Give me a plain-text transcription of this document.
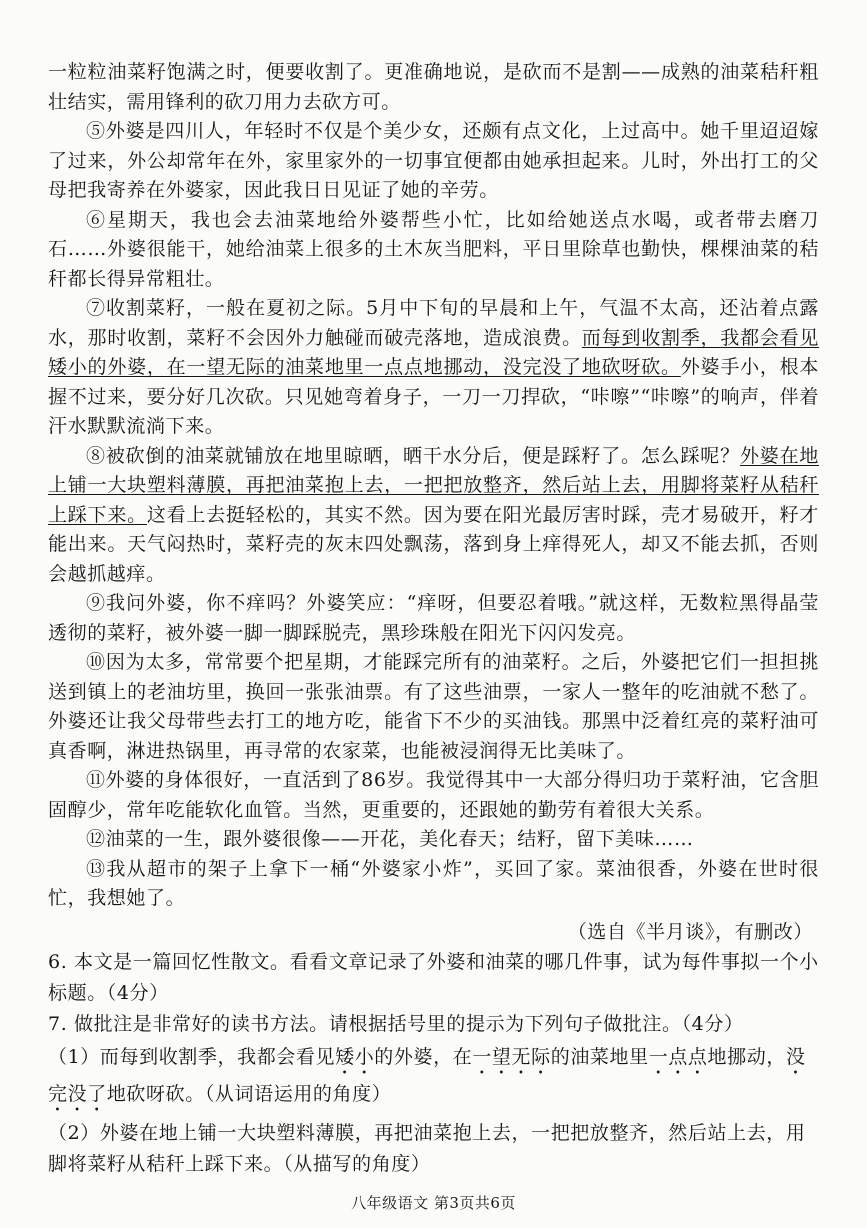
一粒粒油菜籽饱满之时，便要收割了。更准确地说，是砍而不是割——成熟的油菜秸秆粗壮结实，需用锋利的砍刀用力去砍方可。

⑤外婆是四川人，年轻时不仅是个美少女，还颇有点文化，上过高中。她千里迢迢嫁了过来，外公却常年在外，家里家外的一切事宜便都由她承担起来。儿时，外出打工的父母把我寄养在外婆家，因此我日日见证了她的辛劳。

⑥星期天，我也会去油菜地给外婆帮些小忙，比如给她送点水喝，或者带去磨刀石……外婆很能干，她给油菜上很多的土木灰当肥料，平日里除草也勤快，棵棵油菜的秸秆都长得异常粗壮。

⑦收割菜籽，一般在夏初之际。5月中下旬的早晨和上午，气温不太高，还沾着点露水，那时收割，菜籽不会因外力触碰而破壳落地，造成浪费。而每到收割季，我都会看见矮小的外婆，在一望无际的油菜地里一点点地挪动，没完没了地砍呀砍。外婆手小，根本握不过来，要分好几次砍。只见她弯着身子，一刀一刀捍砍，“咔嚓”“咔嚓”的响声，伴着汗水默默流淌下来。

⑧被砍倒的油菜就铺放在地里晾晒，晒干水分后，便是踩籽了。怎么踩呢？外婆在地上铺一大块塑料薄膜，再把油菜抱上去，一把把放整齐，然后站上去，用脚将菜籽从秸秆上踩下来。这看上去挺轻松的，其实不然。因为要在阳光最厉害时踩，壳才易破开，籽才能出来。天气闷热时，菜籽壳的灰末四处飘荡，落到身上痒得死人，却又不能去抓，否则会越抓越痒。

⑨我问外婆，你不痒吗？外婆笑应：“痒呀，但要忍着哦。”就这样，无数粒黑得晶莹透彻的菜籽，被外婆一脚一脚踩脱壳，黑珍珠般在阳光下闪闪发亮。

⑩因为太多，常常要个把星期，才能踩完所有的油菜籽。之后，外婆把它们一担担挑送到镇上的老油坊里，换回一张张油票。有了这些油票，一家人一整年的吃油就不愁了。外婆还让我父母带些去打工的地方吃，能省下不少的买油钱。那黑中泛着红亮的菜籽油可真香啊，淋进热锅里，再寻常的农家菜，也能被浸润得无比美味了。

⑪外婆的身体很好，一直活到了86岁。我觉得其中一大部分得归功于菜籽油，它含胆固醇少，常年吃能软化血管。当然，更重要的，还跟她的勤劳有着很大关系。

⑫油菜的一生，跟外婆很像——开花，美化春天；结籽，留下美味……

⑬我从超市的架子上拿下一桶“外婆家小炸”，买回了家。菜油很香，外婆在世时很忙，我想她了。

（选自《半月谈》，有删改）

6. 本文是一篇回忆性散文。看看文章记录了外婆和油菜的哪几件事，试为每件事拟一个小标题。（4分）

7. 做批注是非常好的读书方法。请根据括号里的提示为下列句子做批注。（4分）

（1）而每到收割季，我都会看见矮小的外婆，在一望无际的油菜地里一点点地挪动，没完没了地砍呀砍。（从词语运用的角度）

（2）外婆在地上铺一大块塑料薄膜，再把油菜抱上去，一把把放整齐，然后站上去，用脚将菜籽从秸秆上踩下来。（从描写的角度）

八年级语文 第3页共6页
